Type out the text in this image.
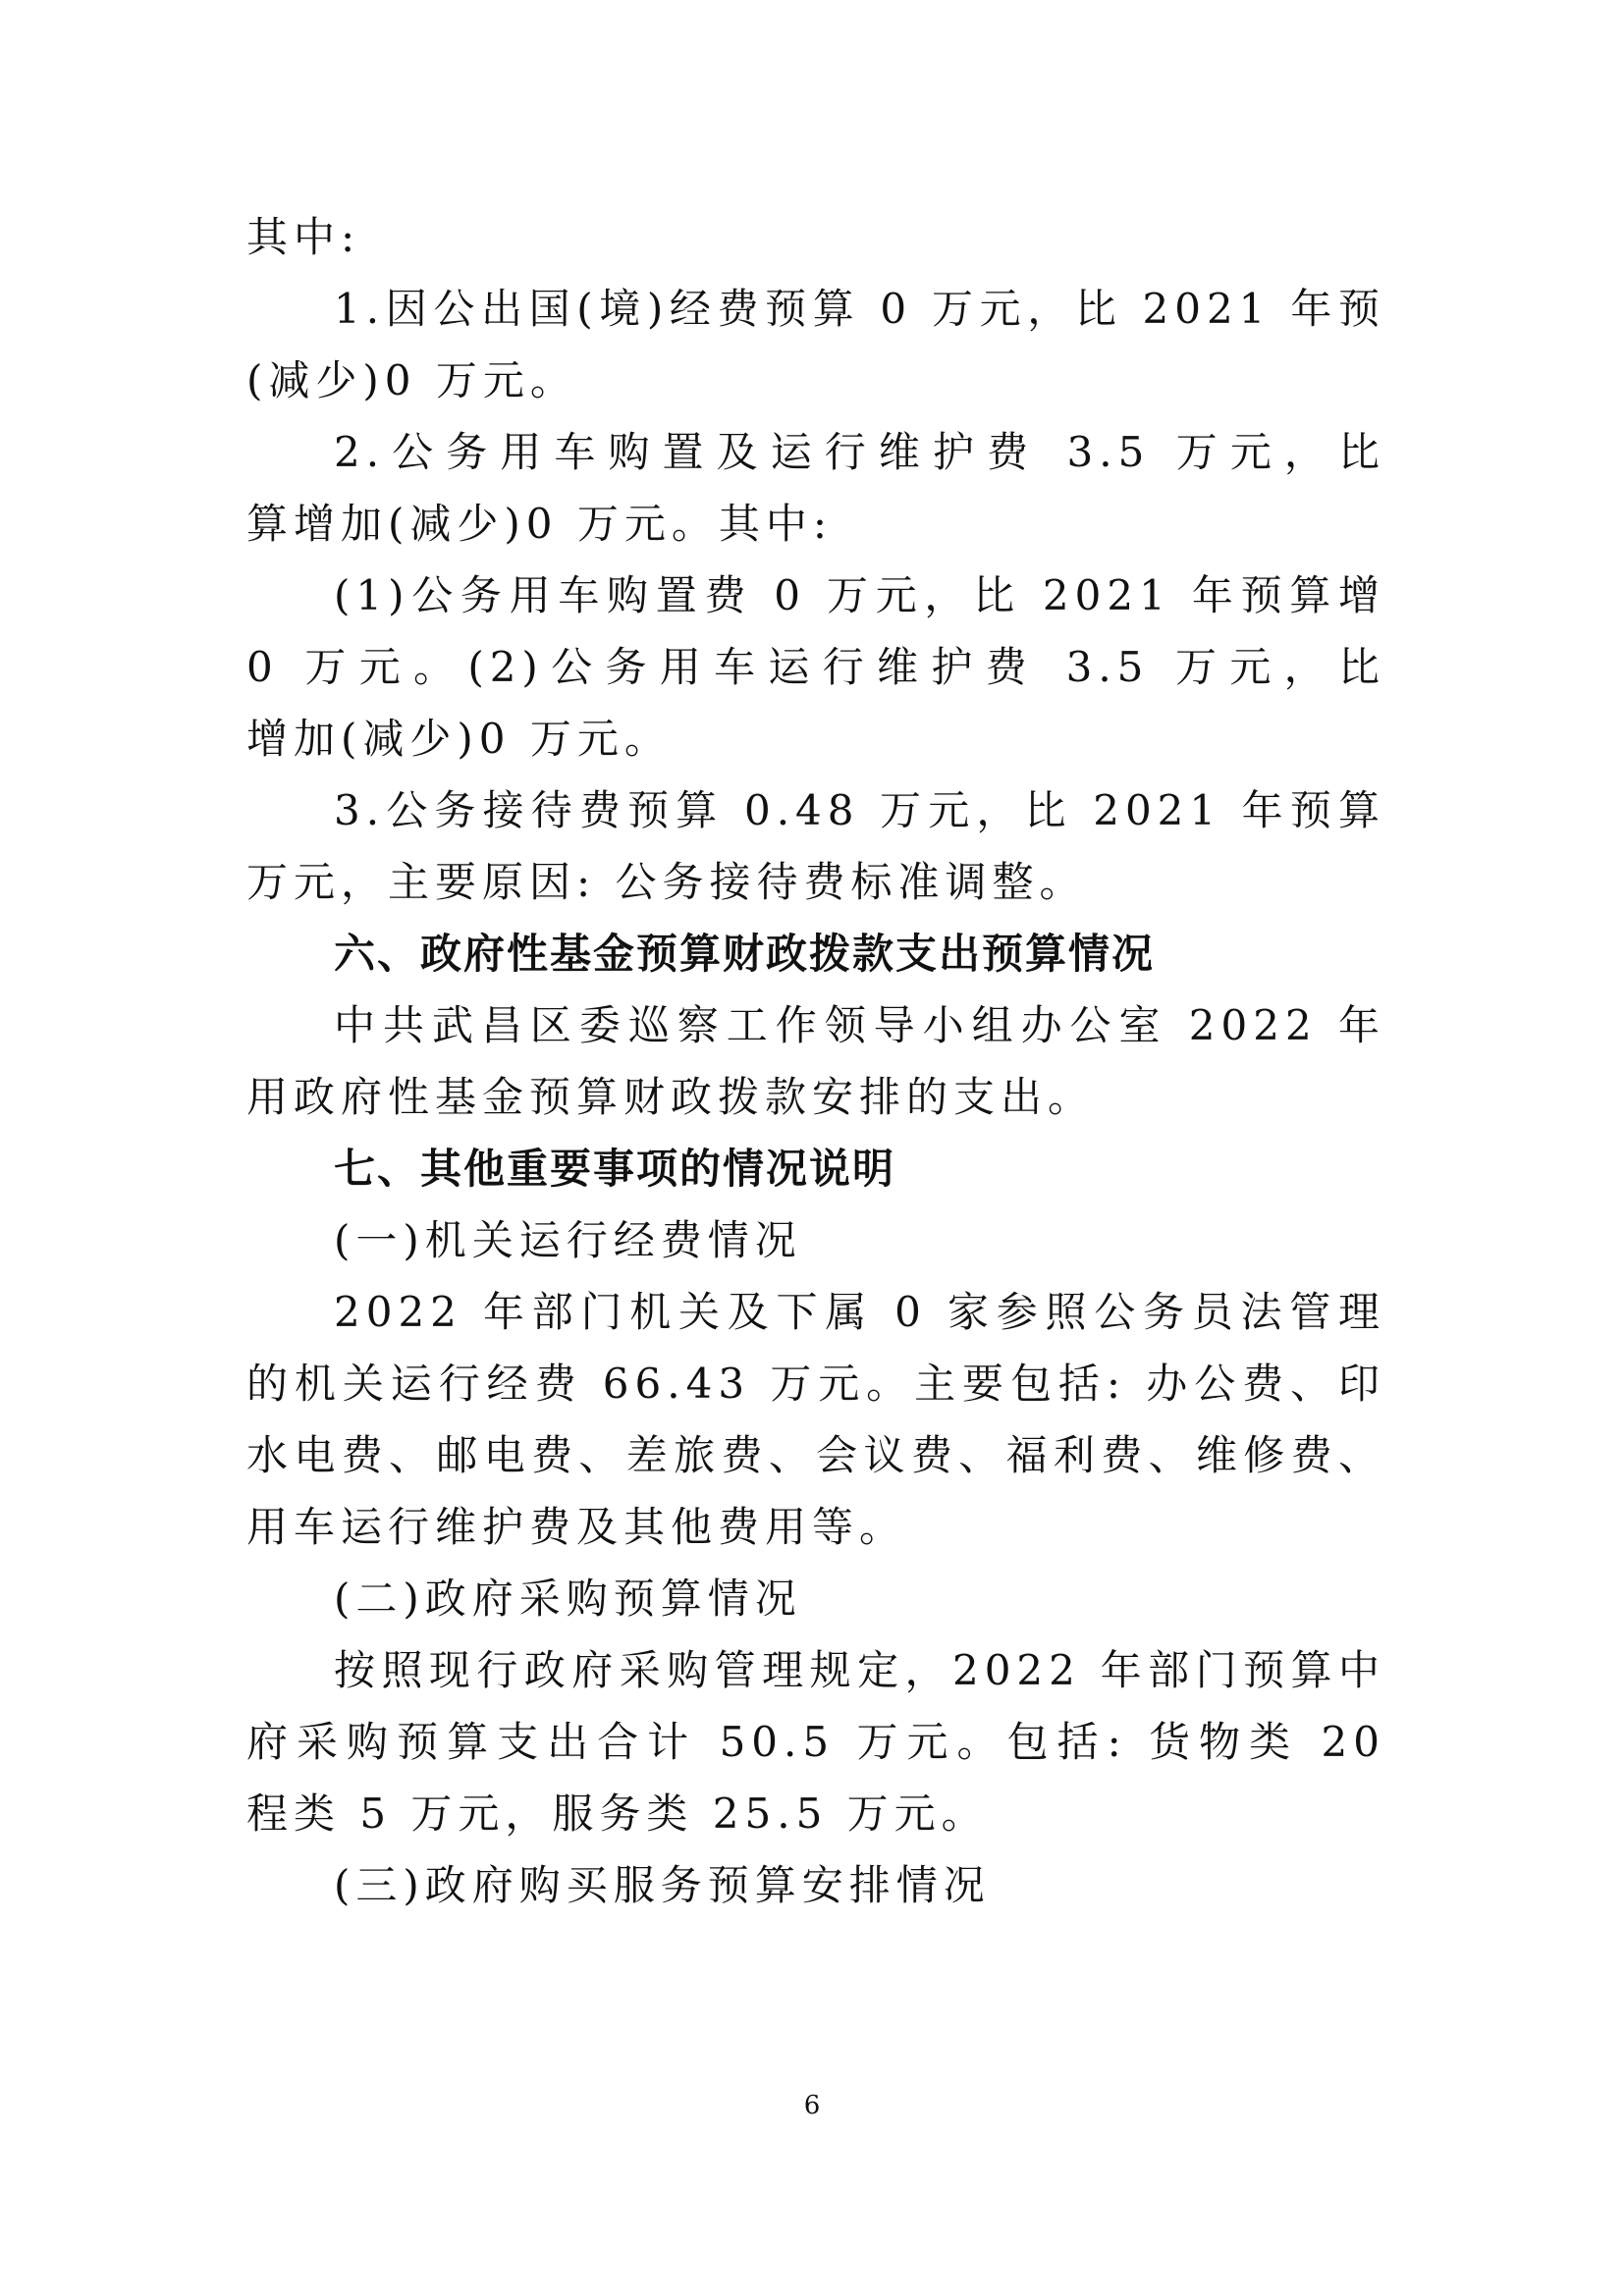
其中:
1.因公出国(境)经费预算 0 万元，比 2021 年预
(减少)0 万元。
2.公务用车购置及运行维护费 3.5 万元，比
算增加(减少)0 万元。其中:
(1)公务用车购置费 0 万元，比 2021 年预算增
0 万元。(2)公务用车运行维护费 3.5 万元，比
增加(减少)0 万元。
3.公务接待费预算 0.48 万元，比 2021 年预算
万元，主要原因: 公务接待费标准调整。
六、政府性基金预算财政拨款支出预算情况
中共武昌区委巡察工作领导小组办公室 2022 年
用政府性基金预算财政拨款安排的支出。
七、其他重要事项的情况说明
(一)机关运行经费情况
2022 年部门机关及下属 0 家参照公务员法管理
的机关运行经费 66.43 万元。主要包括: 办公费、印
水电费、邮电费、差旅费、会议费、福利费、维修费、
用车运行维护费及其他费用等。
(二)政府采购预算情况
按照现行政府采购管理规定，2022 年部门预算中
府采购预算支出合计 50.5 万元。包括: 货物类 20
程类 5 万元，服务类 25.5 万元。
(三)政府购买服务预算安排情况
6
